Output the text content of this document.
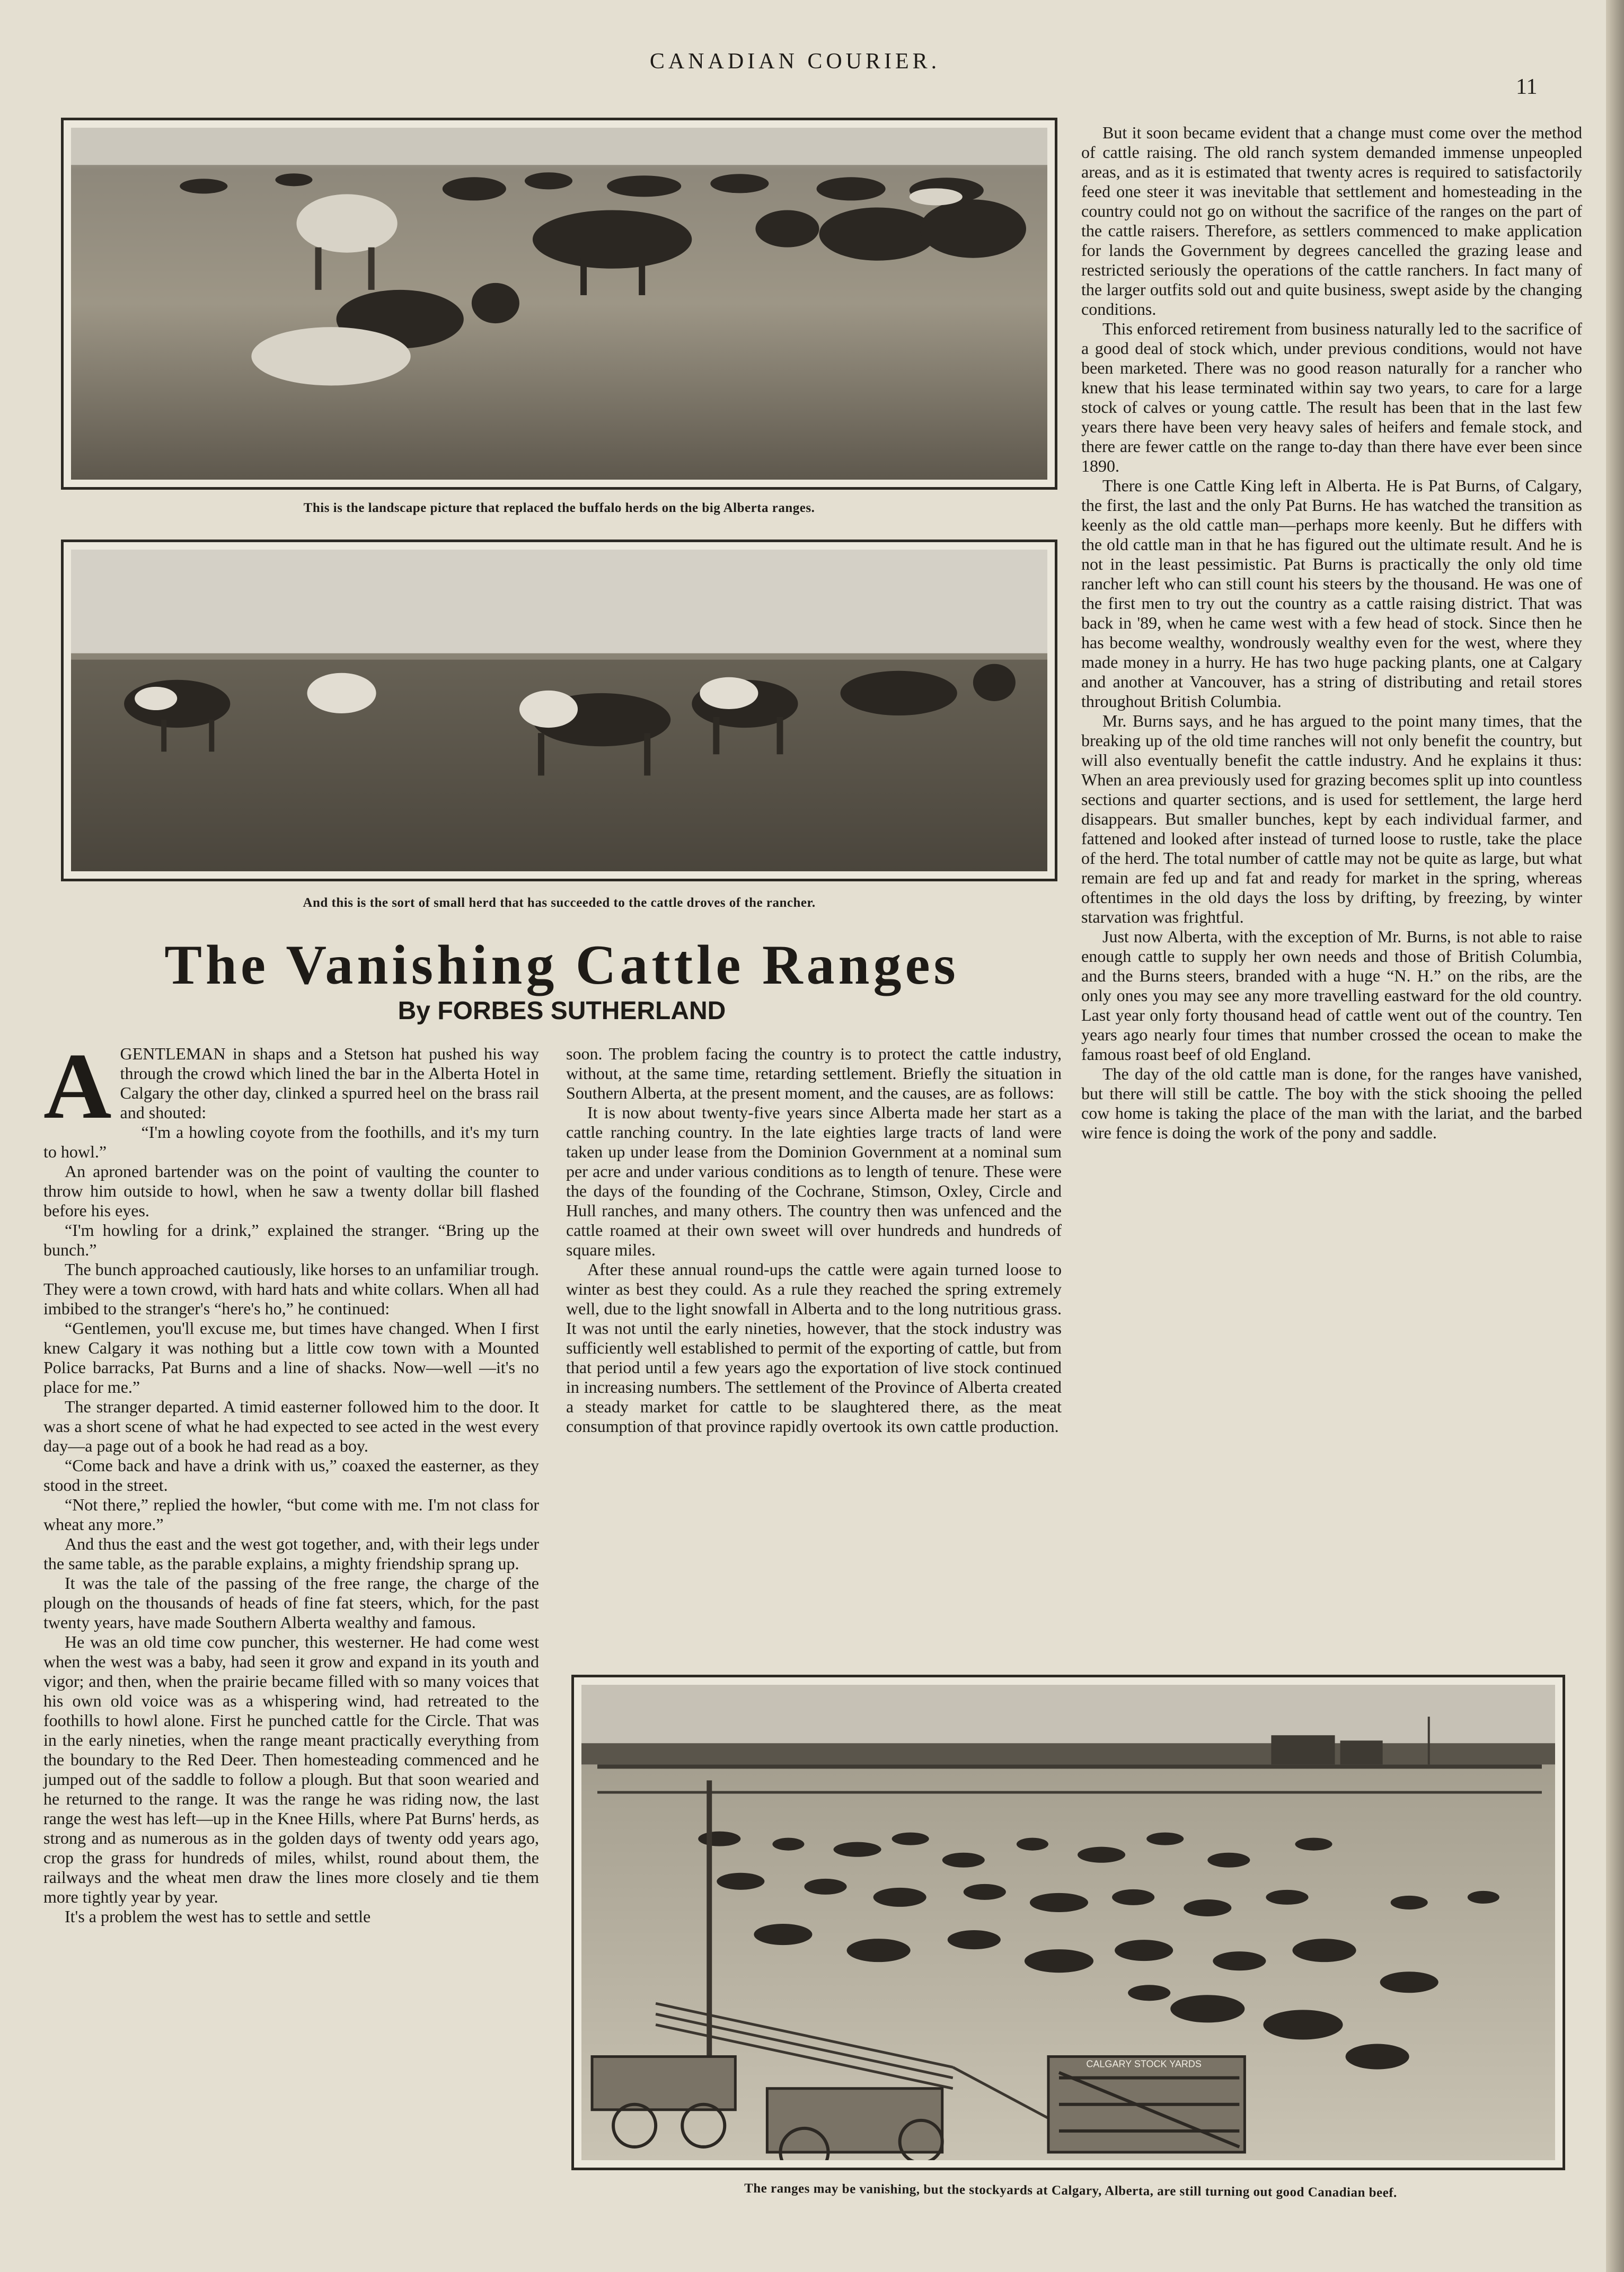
CANADIAN COURIER.
11
This is the landscape picture that replaced the buffalo herds on the big Alberta ranges.
And this is the sort of small herd that has succeeded to the cattle droves of the rancher.
The Vanishing Cattle Ranges
By FORBES SUTHERLAND

AGENTLEMAN in shaps and a Stetson hat pushed his way through the crowd which lined the bar in the Alberta Hotel in Calgary the other day, clinked a spurred heel on the brass rail and shouted:

“I'm a howling coyote from the foothills, and it's my turn to howl.”

An aproned bartender was on the point of vaulting the counter to throw him outside to howl, when he saw a twenty dollar bill flashed before his eyes.

“I'm howling for a drink,” explained the stranger. “Bring up the bunch.”

The bunch approached cautiously, like horses to an unfamiliar trough. They were a town crowd, with hard hats and white collars. When all had imbibed to the stranger's “here's ho,” he continued:

“Gentlemen, you'll excuse me, but times have changed. When I first knew Calgary it was nothing but a little cow town with a Mounted Police barracks, Pat Burns and a line of shacks. Now—well —it's no place for me.”

The stranger departed. A timid easterner followed him to the door. It was a short scene of what he had expected to see acted in the west every day—a page out of a book he had read as a boy.

“Come back and have a drink with us,” coaxed the easterner, as they stood in the street.

“Not there,” replied the howler, “but come with me. I'm not class for wheat any more.”

And thus the east and the west got together, and, with their legs under the same table, as the parable explains, a mighty friendship sprang up.

It was the tale of the passing of the free range, the charge of the plough on the thousands of heads of fine fat steers, which, for the past twenty years, have made Southern Alberta wealthy and famous.

He was an old time cow puncher, this westerner. He had come west when the west was a baby, had seen it grow and expand in its youth and vigor; and then, when the prairie became filled with so many voices that his own old voice was as a whispering wind, had retreated to the foothills to howl alone. First he punched cattle for the Circle. That was in the early nineties, when the range meant practically everything from the boundary to the Red Deer. Then homesteading commenced and he jumped out of the saddle to follow a plough. But that soon wearied and he returned to the range. It was the range he was riding now, the last range the west has left—up in the Knee Hills, where Pat Burns' herds, as strong and as numerous as in the golden days of twenty odd years ago, crop the grass for hundreds of miles, whilst, round about them, the railways and the wheat men draw the lines more closely and tie them more tightly year by year.

It's a problem the west has to settle and settle

soon. The problem facing the country is to protect the cattle industry, without, at the same time, retarding settlement. Briefly the situation in Southern Alberta, at the present moment, and the causes, are as follows:

It is now about twenty-five years since Alberta made her start as a cattle ranching country. In the late eighties large tracts of land were taken up under lease from the Dominion Government at a nominal sum per acre and under various conditions as to length of tenure. These were the days of the founding of the Cochrane, Stimson, Oxley, Circle and Hull ranches, and many others. The country then was unfenced and the cattle roamed at their own sweet will over hundreds and hundreds of square miles.

After these annual round-ups the cattle were again turned loose to winter as best they could. As a rule they reached the spring extremely well, due to the light snowfall in Alberta and to the long nutritious grass. It was not until the early nineties, however, that the stock industry was sufficiently well established to permit of the exporting of cattle, but from that period until a few years ago the exportation of live stock continued in increasing numbers. The settlement of the Province of Alberta created a steady market for cattle to be slaughtered there, as the meat consumption of that province rapidly overtook its own cattle production.

But it soon became evident that a change must come over the method of cattle raising. The old ranch system demanded immense unpeopled areas, and as it is estimated that twenty acres is required to satisfactorily feed one steer it was inevitable that settlement and homesteading in the country could not go on without the sacrifice of the ranges on the part of the cattle raisers. Therefore, as settlers commenced to make application for lands the Government by degrees cancelled the grazing lease and restricted seriously the operations of the cattle ranchers. In fact many of the larger outfits sold out and quite business, swept aside by the changing conditions.

This enforced retirement from business naturally led to the sacrifice of a good deal of stock which, under previous conditions, would not have been marketed. There was no good reason naturally for a rancher who knew that his lease terminated within say two years, to care for a large stock of calves or young cattle. The result has been that in the last few years there have been very heavy sales of heifers and female stock, and there are fewer cattle on the range to-day than there have ever been since 1890.

There is one Cattle King left in Alberta. He is Pat Burns, of Calgary, the first, the last and the only Pat Burns. He has watched the transition as keenly as the old cattle man—perhaps more keenly. But he differs with the old cattle man in that he has figured out the ultimate result. And he is not in the least pessimistic. Pat Burns is practically the only old time rancher left who can still count his steers by the thousand. He was one of the first men to try out the country as a cattle raising district. That was back in '89, when he came west with a few head of stock. Since then he has become wealthy, wondrously wealthy even for the west, where they made money in a hurry. He has two huge packing plants, one at Calgary and another at Vancouver, has a string of distributing and retail stores throughout British Columbia.

Mr. Burns says, and he has argued to the point many times, that the breaking up of the old time ranches will not only benefit the country, but will also eventually benefit the cattle industry. And he explains it thus: When an area previously used for grazing becomes split up into countless sections and quarter sections, and is used for settlement, the large herd disappears. But smaller bunches, kept by each individual farmer, and fattened and looked after instead of turned loose to rustle, take the place of the herd. The total number of cattle may not be quite as large, but what remain are fed up and fat and ready for market in the spring, whereas oftentimes in the old days the loss by drifting, by freezing, by winter starvation was frightful.

Just now Alberta, with the exception of Mr. Burns, is not able to raise enough cattle to supply her own needs and those of British Columbia, and the Burns steers, branded with a huge “N. H.” on the ribs, are the only ones you may see any more travelling eastward for the old country. Last year only forty thousand head of cattle went out of the country. Ten years ago nearly four times that number crossed the ocean to make the famous roast beef of old England.

The day of the old cattle man is done, for the ranges have vanished, but there will still be cattle. The boy with the stick shooing the pelled cow home is taking the place of the man with the lariat, and the barbed wire fence is doing the work of the pony and saddle.

CALGARY STOCK YARDS
The ranges may be vanishing, but the stockyards at Calgary, Alberta, are still turning out good Canadian beef.
